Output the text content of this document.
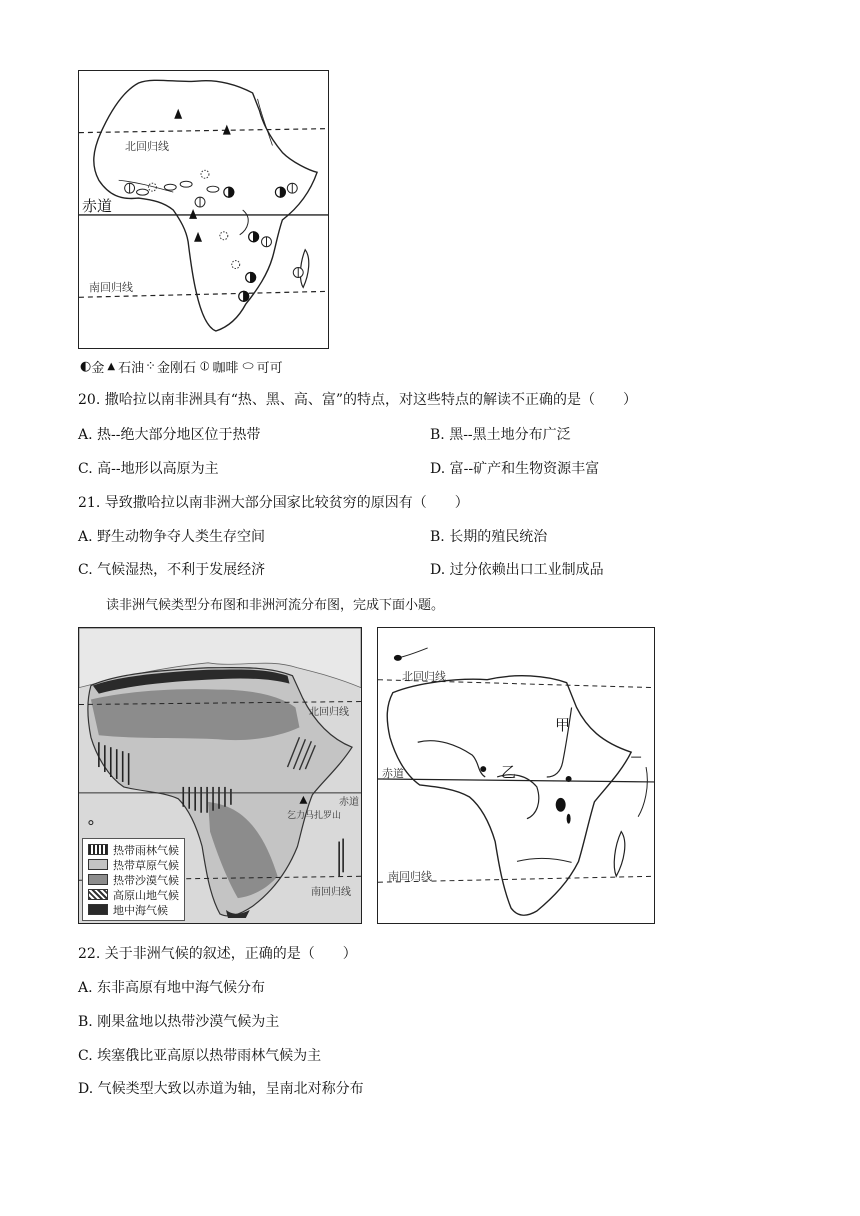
北回归线
赤道
南回归线
◐金 ▲ 石油⁘金刚石 ⦶ 咖啡 ⬭ 可可
20. 撒哈拉以南非洲具有“热、黑、高、富”的特点，对这些特点的解读不正确的是（　　）
A. 热--绝大部分地区位于热带	B. 黑--黑土地分布广泛
C. 高--地形以高原为主	D. 富--矿产和生物资源丰富
21. 导致撒哈拉以南非洲大部分国家比较贫穷的原因有（　　）
A. 野生动物争夺人类生存空间	B. 长期的殖民统治
C. 气候湿热，不利于发展经济	D. 过分依赖出口工业制成品
读非洲气候类型分布图和非洲河流分布图，完成下面小题。
北回归线
赤道
乞力马扎罗山
南回归线
热带雨林气候
热带草原气候
热带沙漠气候
高原山地气候
地中海气候
北回归线
甲
赤道	乙
南回归线
22. 关于非洲气候的叙述，正确的是（　　）
A. 东非高原有地中海气候分布
B. 刚果盆地以热带沙漠气候为主
C. 埃塞俄比亚高原以热带雨林气候为主
D. 气候类型大致以赤道为轴，呈南北对称分布
